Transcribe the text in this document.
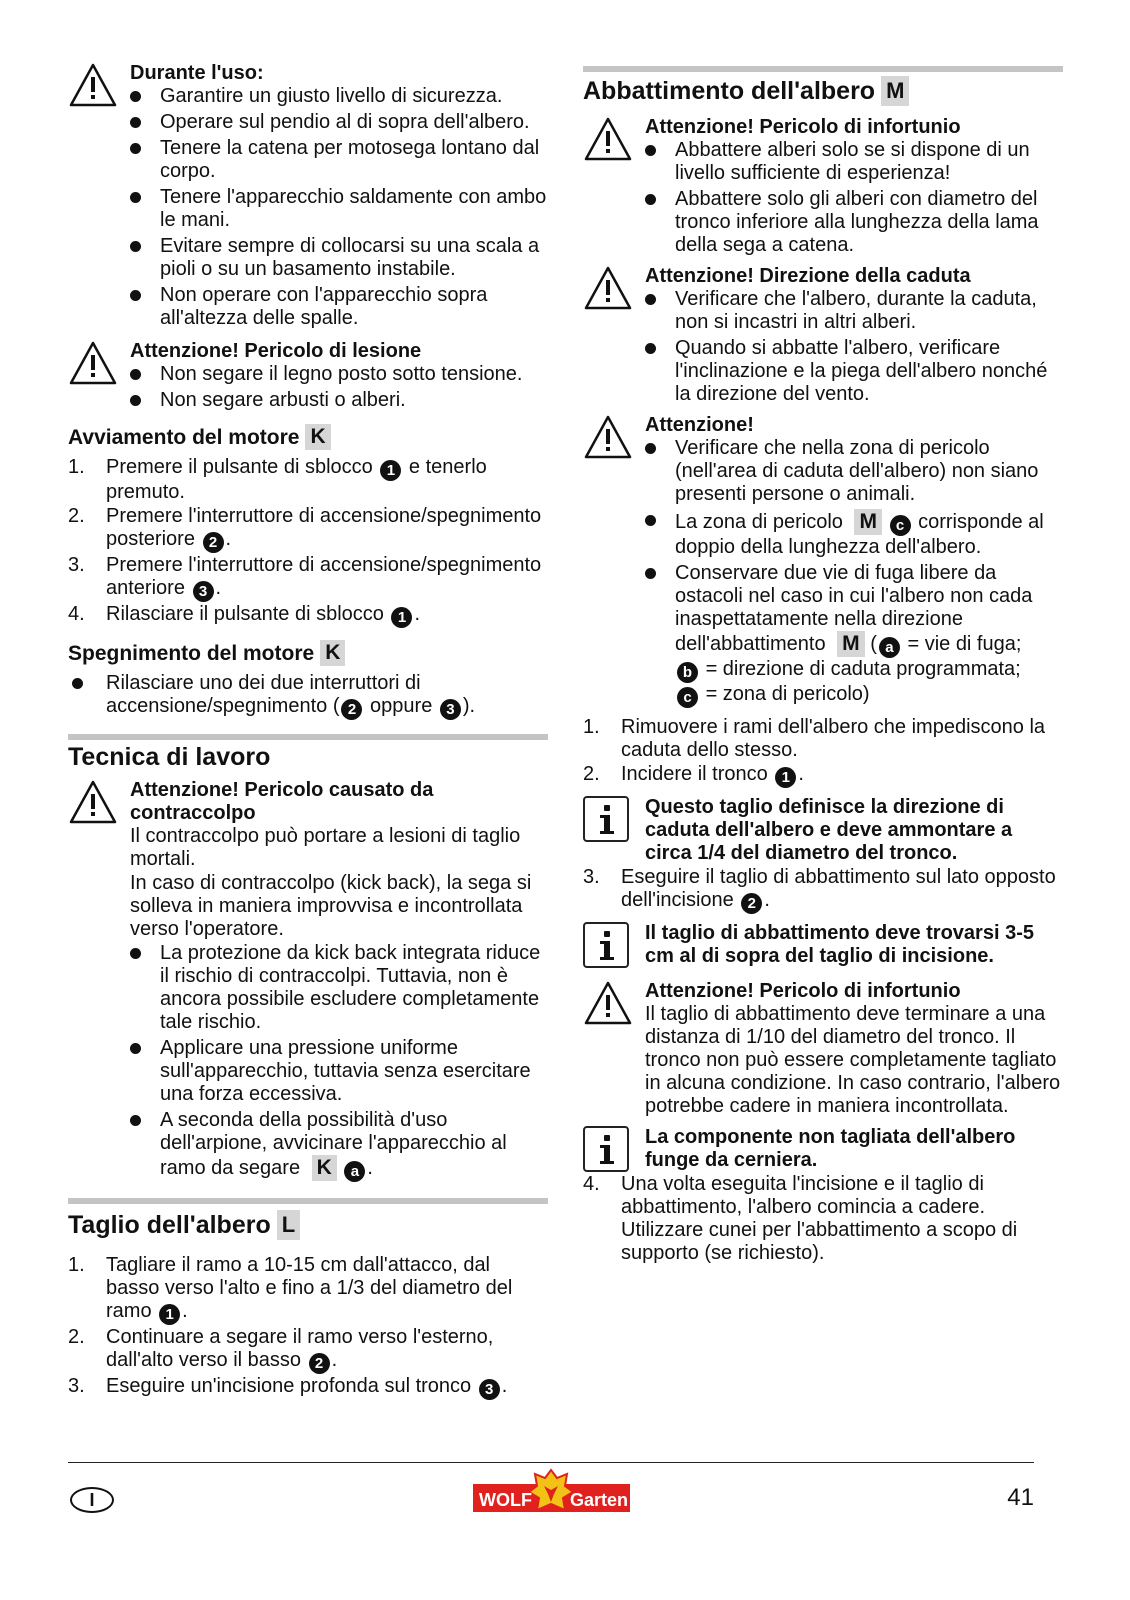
Durante l'uso:

Garantire un giusto livello di sicurezza.
Operare sul pendio al di sopra dell'albero.
Tenere la catena per motosega lontano dal corpo.
Tenere l'apparecchio saldamente con ambo le mani.
Evitare sempre di collocarsi su una scala a pioli o su un basamento instabile.
Non operare con l'apparecchio sopra all'altezza delle spalle.

Attenzione! Pericolo di lesione

Non segare il legno posto sotto tensione.
Non segare arbusti o alberi.
Avviamento del motore K
1. Premere il pulsante di sblocco 1 e tenerlo premuto.
2. Premere l'interruttore di accensione/spegnimento posteriore 2 .
3. Premere l'interruttore di accensione/spegnimento anteriore 3 .
4. Rilasciare il pulsante di sblocco 1 .
Spegnimento del motore K
Rilasciare uno dei due interruttori di accensione/spegnimento ( 2 oppure 3 ).
Tecnica di lavoro

Attenzione! Pericolo causato da contraccolpo

Il contraccolpo può portare a lesioni di taglio mortali.

In caso di contraccolpo (kick back), la sega si solleva in maniera improvvisa e incontrollata verso l'operatore.

La protezione da kick back integrata riduce il rischio di contraccolpi. Tuttavia, non è ancora possibile escludere completamente tale rischio.
Applicare una pressione uniforme sull'apparecchio, tuttavia senza esercitare una forza eccessiva.
A seconda della possibilità d'uso dell'arpione, avvicinare l'apparecchio al ramo da segare K a .
Taglio dell'albero L
1. Tagliare il ramo a 10-15 cm dall'attacco, dal basso verso l'alto e fino a 1/3 del diametro del ramo 1 .
2. Continuare a segare il ramo verso l'esterno, dall'alto verso il basso 2 .
3. Eseguire un'incisione profonda sul tronco 3 .
Abbattimento dell'albero M

Attenzione! Pericolo di infortunio

Abbattere alberi solo se si dispone di un livello sufficiente di esperienza!
Abbattere solo gli alberi con diametro del tronco inferiore alla lunghezza della lama della sega a catena.

Attenzione! Direzione della caduta

Verificare che l'albero, durante la caduta, non si incastri in altri alberi.
Quando si abbatte l'albero, verificare l'inclinazione e la piega dell'albero nonché la direzione del vento.

Attenzione!

Verificare che nella zona di pericolo (nell'area di caduta dell'albero) non siano presenti persone o animali.
La zona di pericolo M c corrisponde al doppio della lunghezza dell'albero.
Conservare due vie di fuga libere da ostacoli nel caso in cui l'albero non cada inaspettatamente nella direzione dell'abbattimento M ( a = vie di fuga;
b = direzione di caduta programmata;
c = zona di pericolo)
1. Rimuovere i rami dell'albero che impediscono la caduta dello stesso.
2. Incidere il tronco 1 .

Questo taglio definisce la direzione di caduta dell'albero e deve ammontare a circa 1/4 del diametro del tronco.

3. Eseguire il taglio di abbattimento sul lato opposto dell'incisione 2 .

Il taglio di abbattimento deve trovarsi 3-5 cm al di sopra del taglio di incisione.

Attenzione! Pericolo di infortunio

Il taglio di abbattimento deve terminare a una distanza di 1/10 del diametro del tronco. Il tronco non può essere completamente tagliato in alcuna condizione. In caso contrario, l'albero potrebbe cadere in maniera incontrollata.

La componente non tagliata dell'albero funge da cerniera.

4. Una volta eseguita l'incisione e il taglio di abbattimento, l'albero comincia a cadere. Utilizzare cunei per l'abbattimento a scopo di supporto (se richiesto).
I	WOLF Garten	41
